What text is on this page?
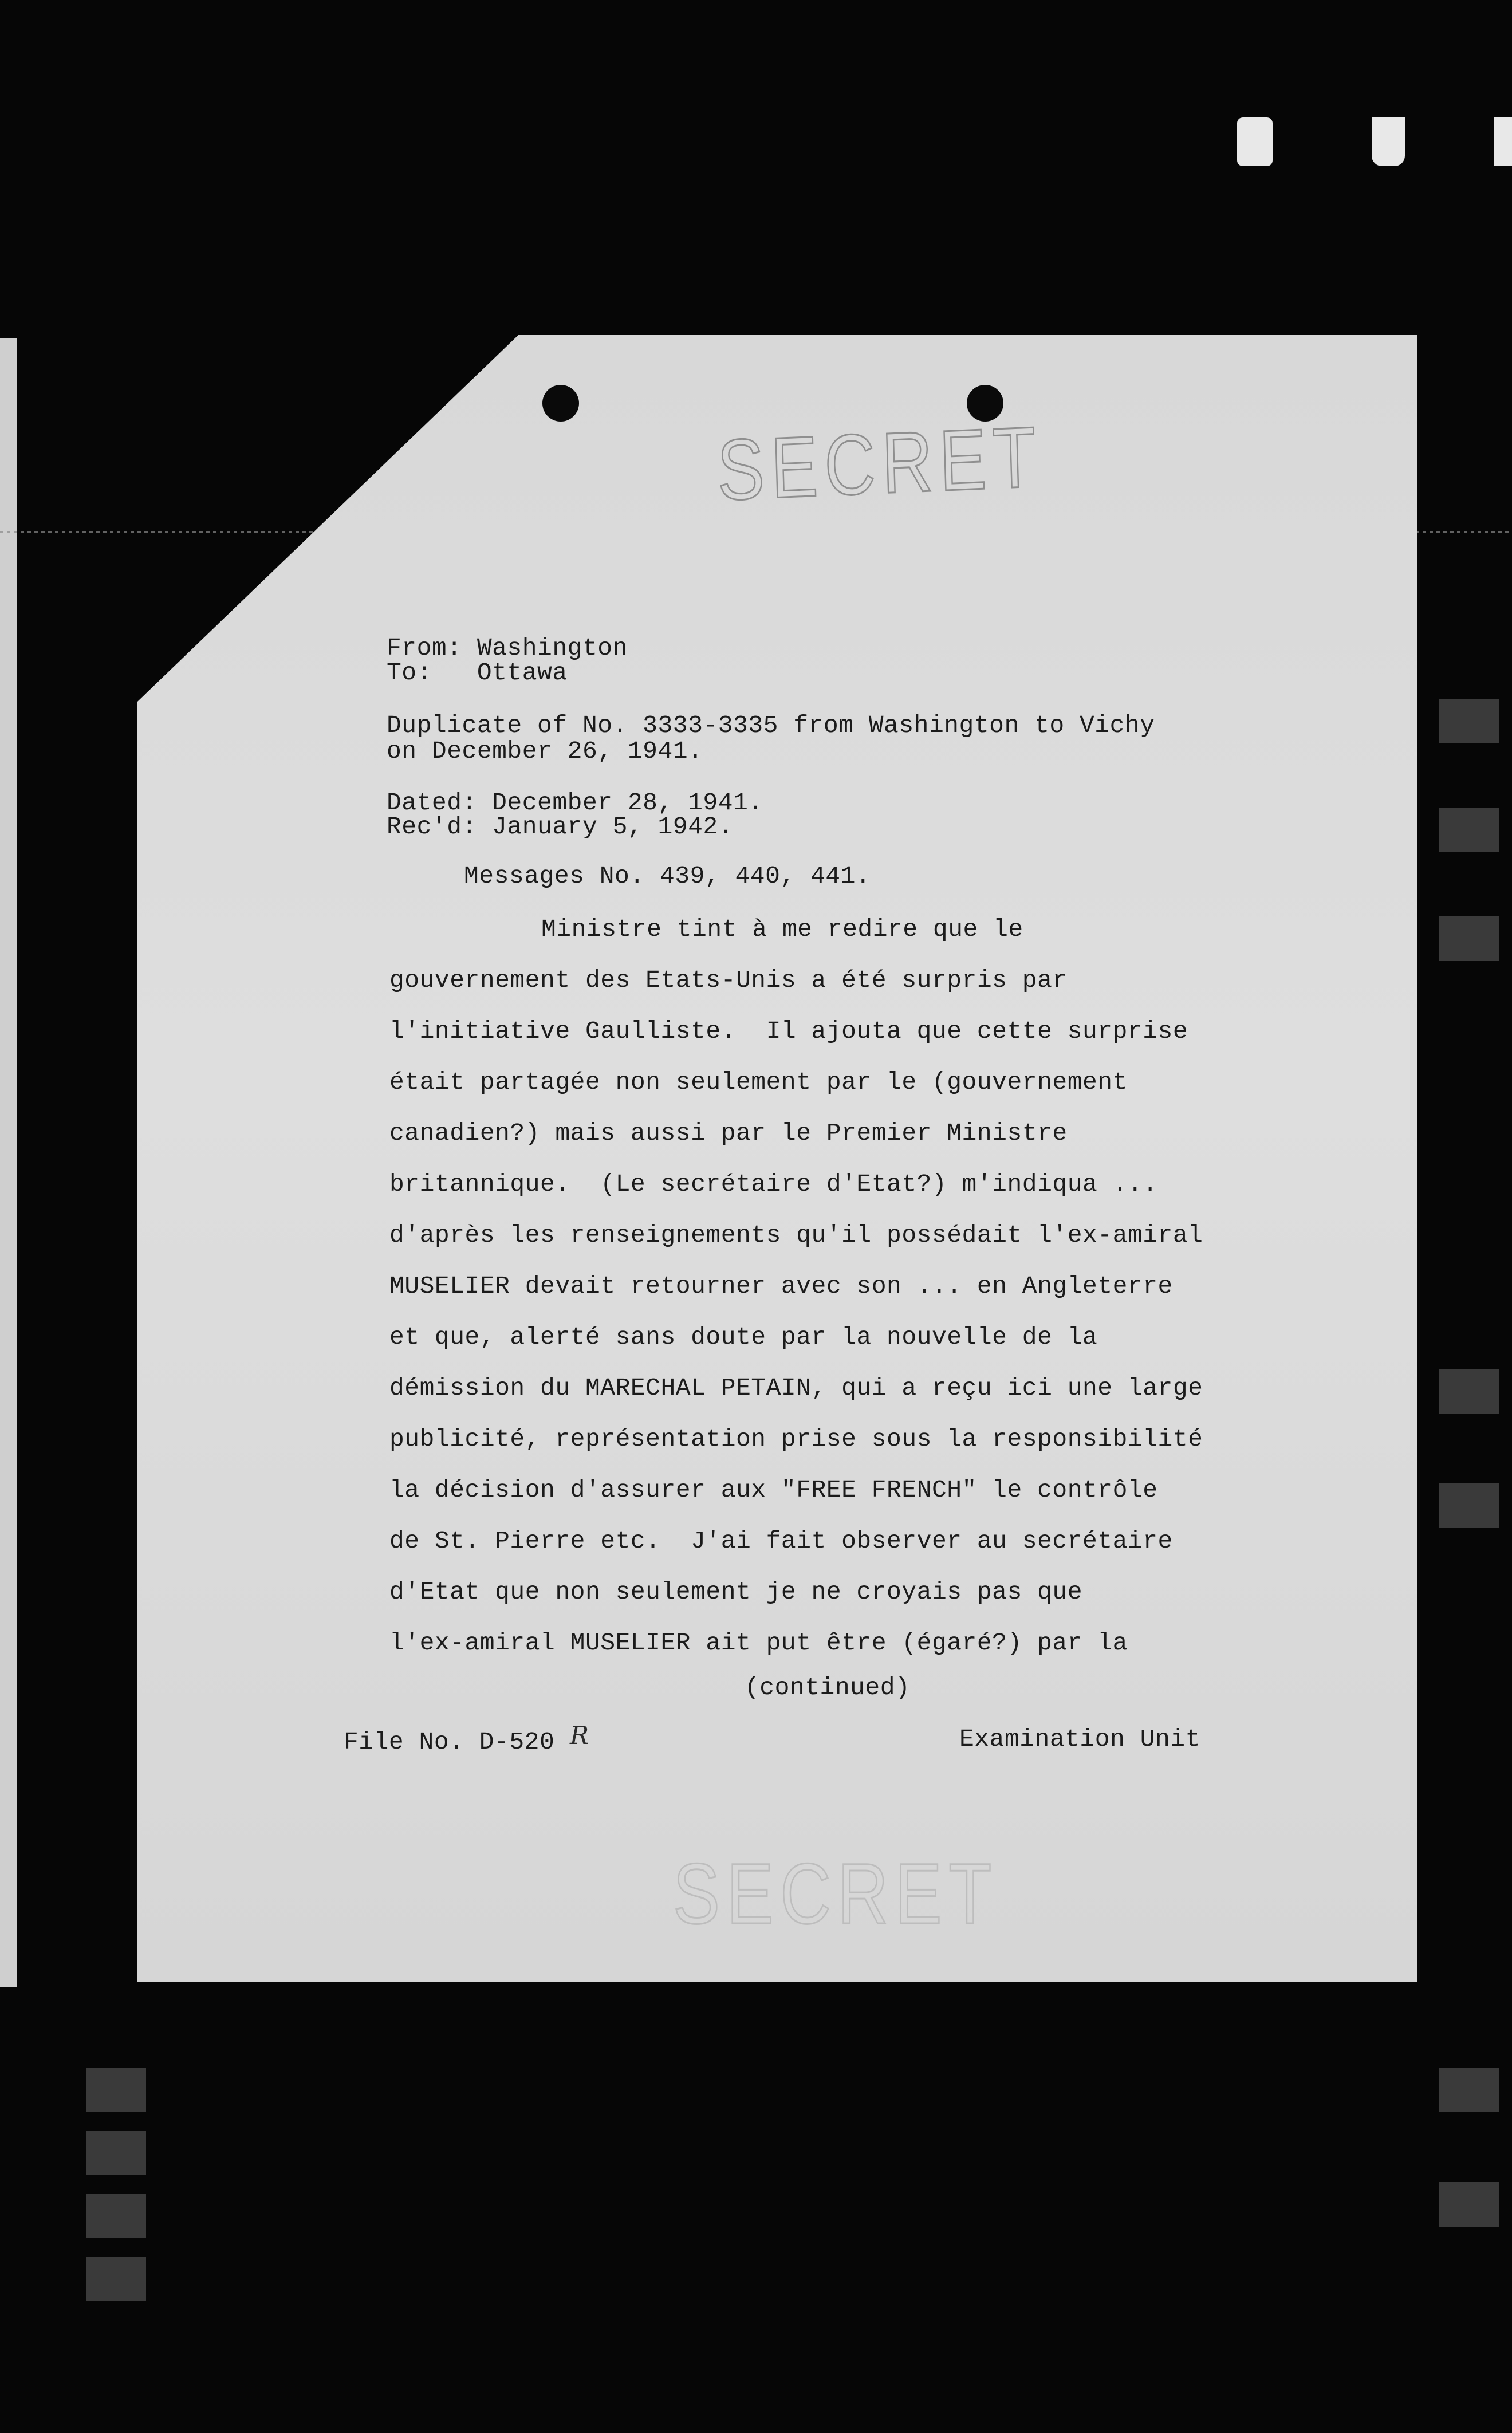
SECRET
From: Washington
To:   Ottawa
Duplicate of No. 3333-3335 from Washington to Vichy
on December 26, 1941.
Dated: December 28, 1941.
Rec'd: January 5, 1942.
Messages No. 439, 440, 441.
Ministre tint à me redire que le
gouvernement des Etats-Unis a été surpris par
l'initiative Gaulliste.  Il ajouta que cette surprise
était partagée non seulement par le (gouvernement
canadien?) mais aussi par le Premier Ministre
britannique.  (Le secrétaire d'Etat?) m'indiqua ...
d'après les renseignements qu'il possédait l'ex-amiral
MUSELIER devait retourner avec son ... en Angleterre
et que, alerté sans doute par la nouvelle de la
démission du MARECHAL PETAIN, qui a reçu ici une large
publicité, représentation prise sous la responsibilité
la décision d'assurer aux "FREE FRENCH" le contrôle
de St. Pierre etc.  J'ai fait observer au secrétaire
d'Etat que non seulement je ne croyais pas que
l'ex-amiral MUSELIER ait put être (égaré?) par la
(continued)
File No. D-520 R	Examination Unit
SECRET
